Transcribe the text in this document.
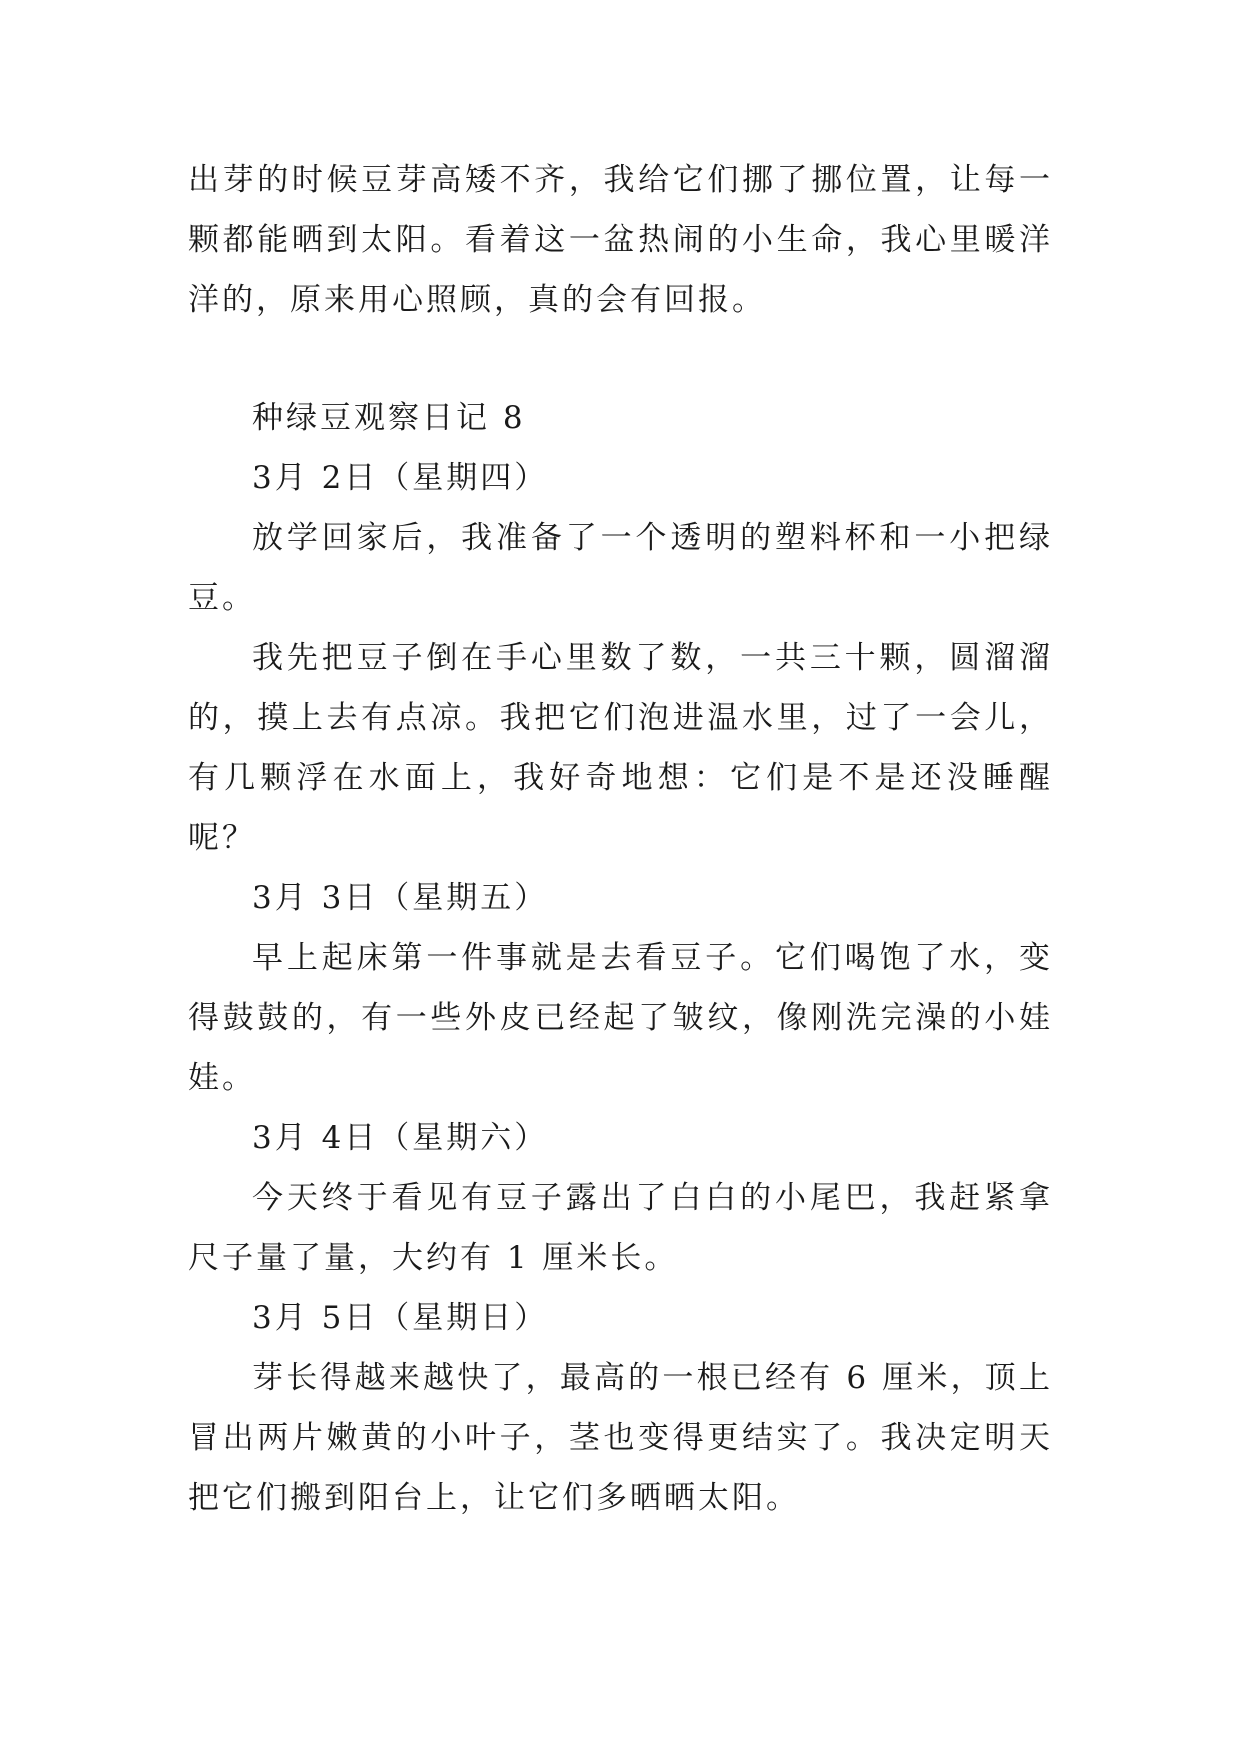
出芽的时候豆芽高矮不齐，我给它们挪了挪位置，让每一颗都能晒到太阳。看着这一盆热闹的小生命，我心里暖洋洋的，原来用心照顾，真的会有回报。

种绿豆观察日记 8

3月 2日（星期四）

放学回家后，我准备了一个透明的塑料杯和一小把绿豆。

我先把豆子倒在手心里数了数，一共三十颗，圆溜溜的，摸上去有点凉。我把它们泡进温水里，过了一会儿，有几颗浮在水面上，我好奇地想：它们是不是还没睡醒呢？

3月 3日（星期五）

早上起床第一件事就是去看豆子。它们喝饱了水，变得鼓鼓的，有一些外皮已经起了皱纹，像刚洗完澡的小娃娃。

3月 4日（星期六）

今天终于看见有豆子露出了白白的小尾巴，我赶紧拿尺子量了量，大约有 1 厘米长。

3月 5日（星期日）

芽长得越来越快了，最高的一根已经有 6 厘米，顶上冒出两片嫩黄的小叶子，茎也变得更结实了。我决定明天把它们搬到阳台上，让它们多晒晒太阳。
